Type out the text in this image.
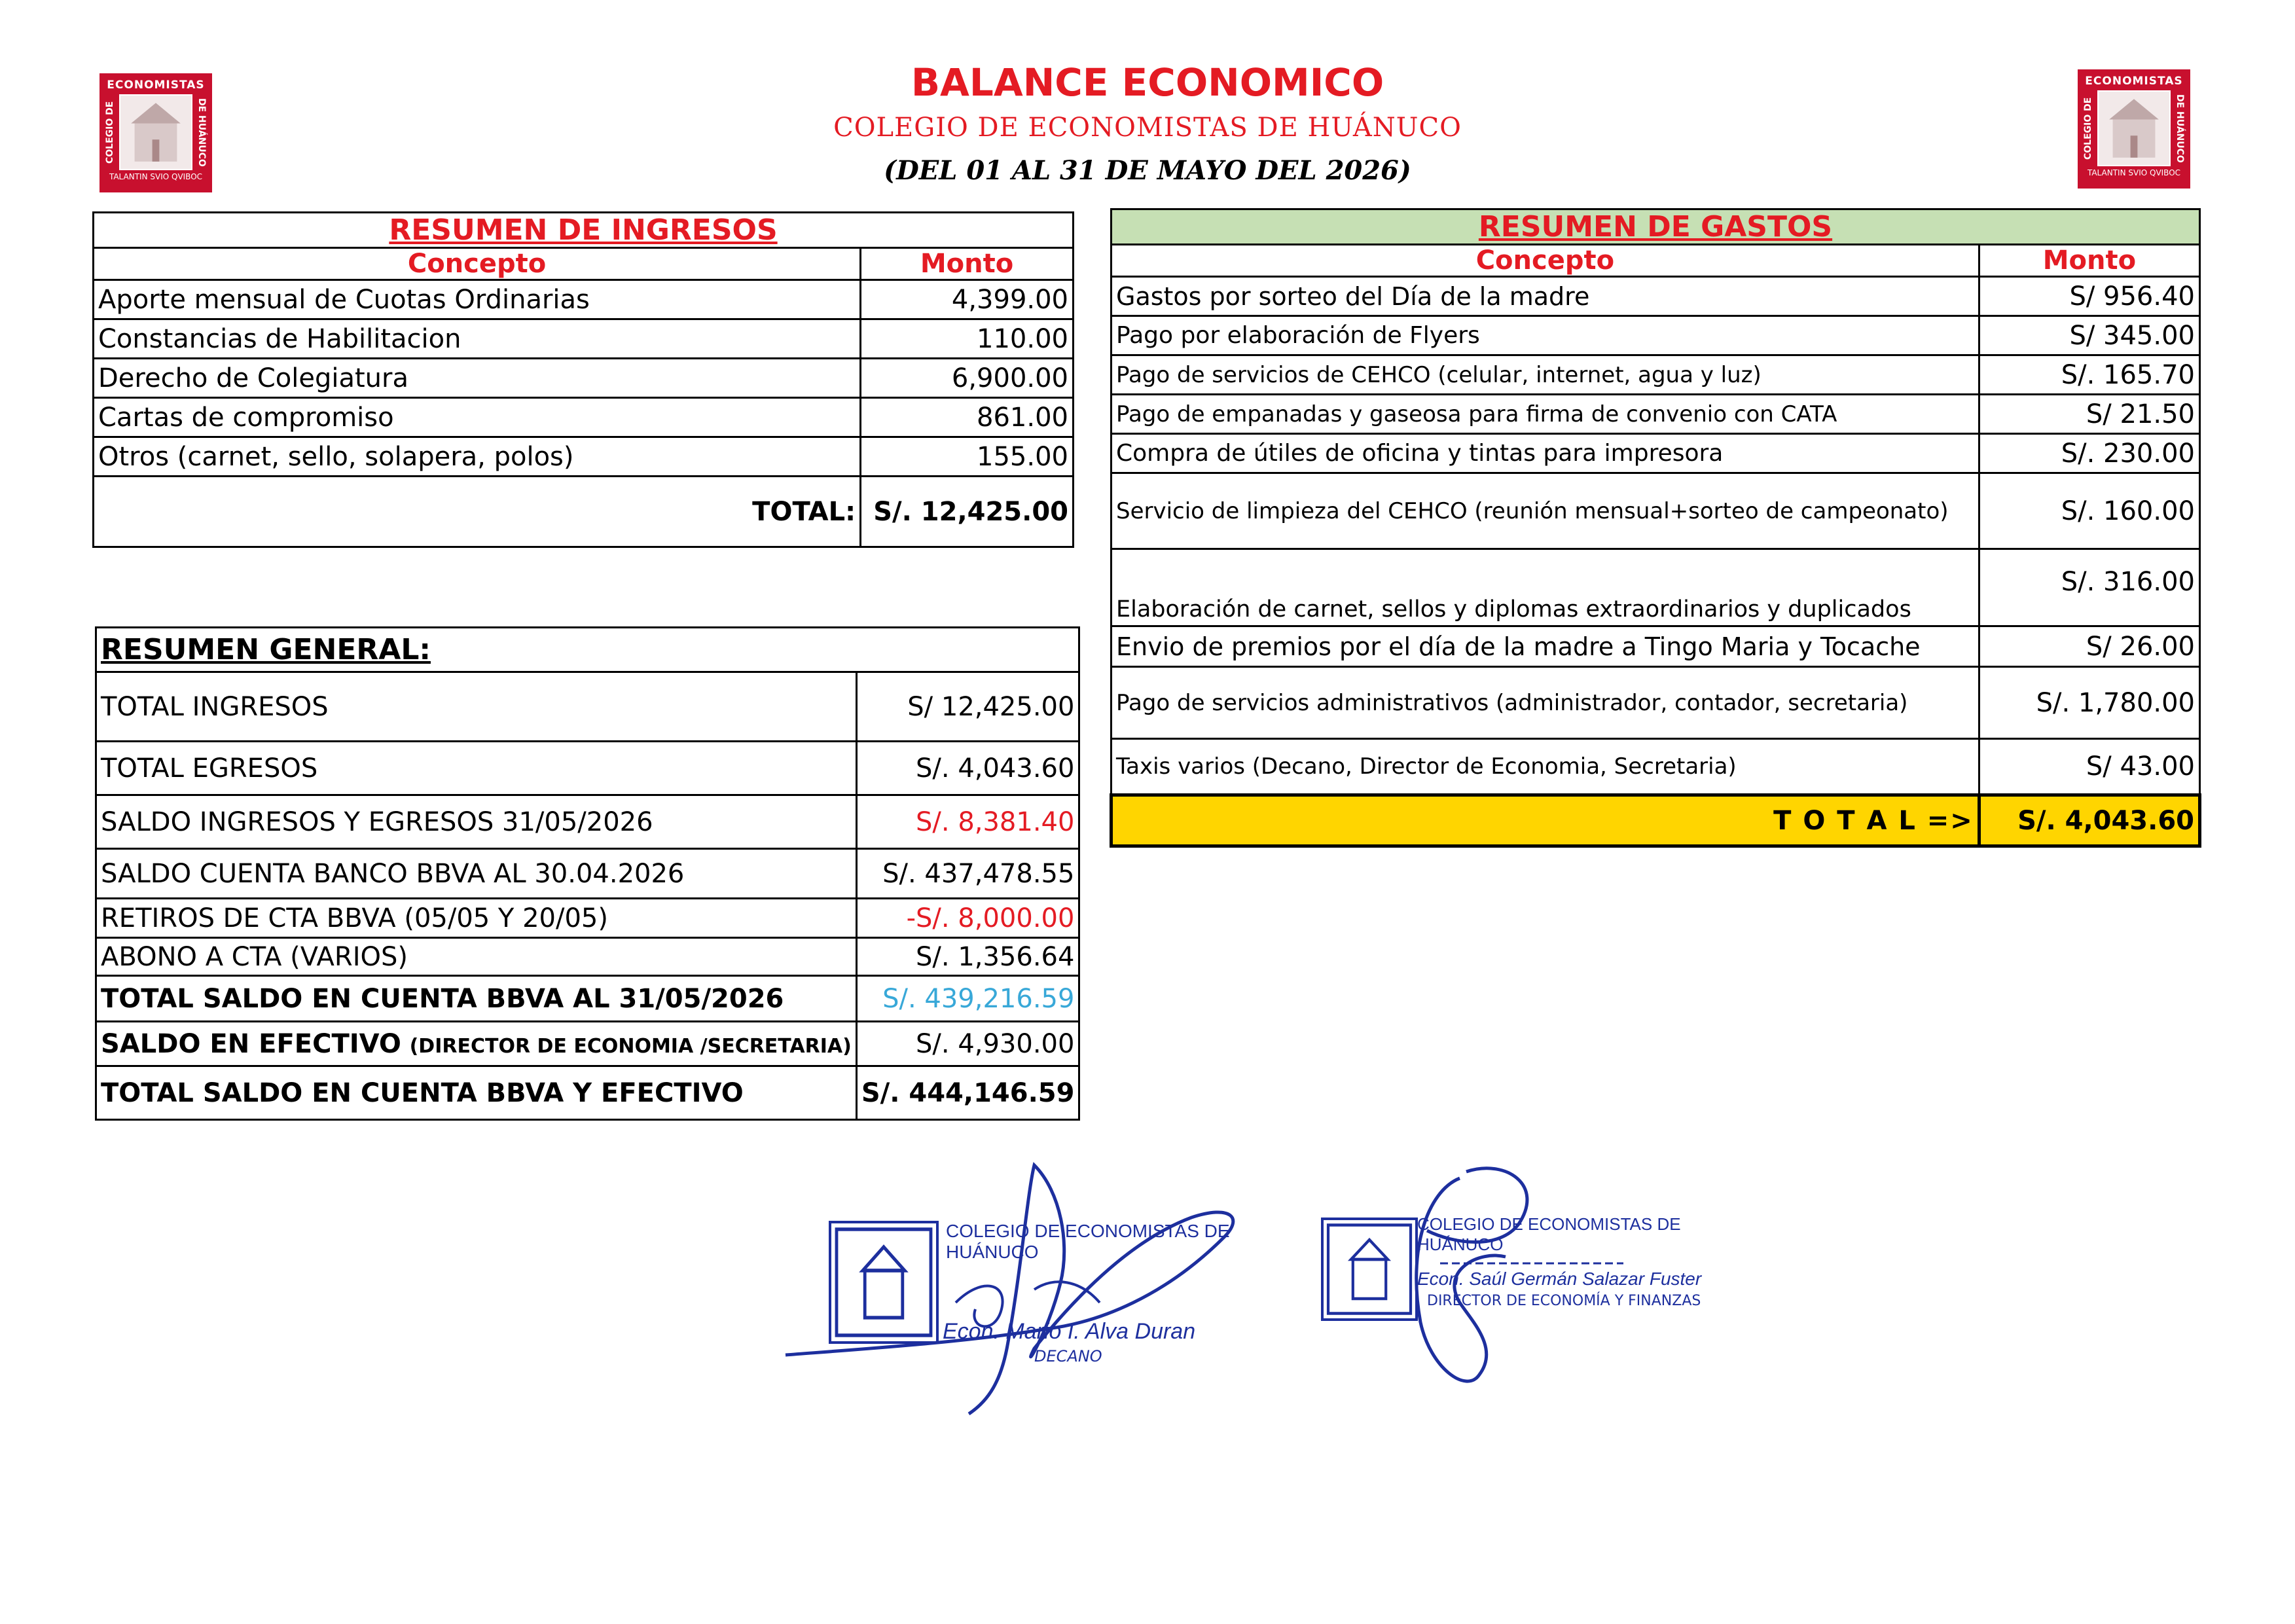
BALANCE ECONOMICO
COLEGIO DE ECONOMISTAS DE HUÁNUCO
(DEL 01 AL 31 DE MAYO DEL 2026)
ECONOMISTAS
COLEGIO DE	DE HUÁNUCO
TALANTIN SVIO QVIBOC
ECONOMISTAS
COLEGIO DE	DE HUÁNUCO
TALANTIN SVIO QVIBOC
RESUMEN DE INGRESOS	
Concepto	Monto
Aporte mensual de Cuotas Ordinarias	4,399.00
Constancias de Habilitacion	110.00
Derecho de Colegiatura	6,900.00
Cartas de compromiso	861.00
Otros (carnet, sello, solapera, polos)	155.00
TOTAL:	S/. 12,425.00
RESUMEN DE GASTOS	
Concepto	Monto
Gastos por sorteo del Día de la madre	S/ 956.40
Pago por elaboración de Flyers	S/ 345.00
Pago de servicios de CEHCO (celular, internet, agua y luz)	S/. 165.70
Pago de empanadas y gaseosa para firma de convenio con CATA	S/ 21.50
Compra de útiles de oficina y tintas para impresora	S/. 230.00
Servicio de limpieza del CEHCO (reunión mensual+sorteo de campeonato)	S/. 160.00
Elaboración de carnet, sellos y diplomas extraordinarios y duplicados	S/. 316.00
Envio de premios por el día de la madre a Tingo Maria y Tocache	S/ 26.00
Pago de servicios administrativos (administrador, contador, secretaria)	S/. 1,780.00
Taxis varios (Decano, Director de Economia, Secretaria)	S/ 43.00
T O T A L =>	S/. 4,043.60
RESUMEN GENERAL:	
TOTAL INGRESOS	S/ 12,425.00
TOTAL EGRESOS	S/. 4,043.60
SALDO INGRESOS Y EGRESOS 31/05/2026	S/. 8,381.40
SALDO CUENTA BANCO BBVA AL 30.04.2026	S/. 437,478.55
RETIROS DE CTA BBVA (05/05 Y 20/05)	-S/. 8,000.00
ABONO A CTA (VARIOS)	S/. 1,356.64
TOTAL SALDO EN CUENTA BBVA AL 31/05/2026	S/. 439,216.59
SALDO EN EFECTIVO (DIRECTOR DE ECONOMIA /SECRETARIA)	S/. 4,930.00
TOTAL SALDO EN CUENTA BBVA Y EFECTIVO	S/. 444,146.59
COLEGIO DE ECONOMISTAS DE HUÁNUCO
Econ. Mario I. Alva Duran
DECANO
COLEGIO DE ECONOMISTAS DE HUÁNUCO
Econ. Saúl Germán Salazar Fuster
DIRECTOR DE ECONOMÍA Y FINANZAS
